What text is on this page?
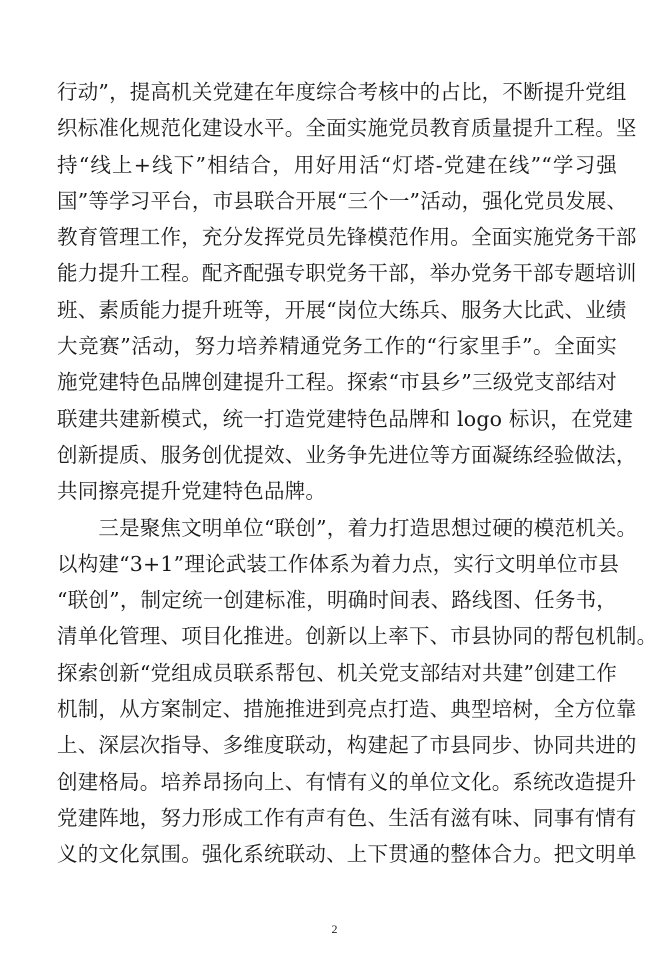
行动”，提高机关党建在年度综合考核中的占比，不断提升党组
织标准化规范化建设水平。全面实施党员教育质量提升工程。坚
持“线上+线下”相结合，用好用活“灯塔-党建在线”“学习强
国”等学习平台，市县联合开展“三个一”活动，强化党员发展、
教育管理工作，充分发挥党员先锋模范作用。全面实施党务干部
能力提升工程。配齐配强专职党务干部，举办党务干部专题培训
班、素质能力提升班等，开展“岗位大练兵、服务大比武、业绩
大竞赛”活动，努力培养精通党务工作的“行家里手”。全面实
施党建特色品牌创建提升工程。探索“市县乡”三级党支部结对
联建共建新模式，统一打造党建特色品牌和 logo 标识，在党建
创新提质、服务创优提效、业务争先进位等方面凝练经验做法，
共同擦亮提升党建特色品牌。
　　三是聚焦文明单位“联创”，着力打造思想过硬的模范机关。
以构建“3+1”理论武装工作体系为着力点，实行文明单位市县
“联创”，制定统一创建标准，明确时间表、路线图、任务书，
清单化管理、项目化推进。创新以上率下、市县协同的帮包机制。
探索创新“党组成员联系帮包、机关党支部结对共建”创建工作
机制，从方案制定、措施推进到亮点打造、典型培树，全方位靠
上、深层次指导、多维度联动，构建起了市县同步、协同共进的
创建格局。培养昂扬向上、有情有义的单位文化。系统改造提升
党建阵地，努力形成工作有声有色、生活有滋有味、同事有情有
义的文化氛围。强化系统联动、上下贯通的整体合力。把文明单
2
